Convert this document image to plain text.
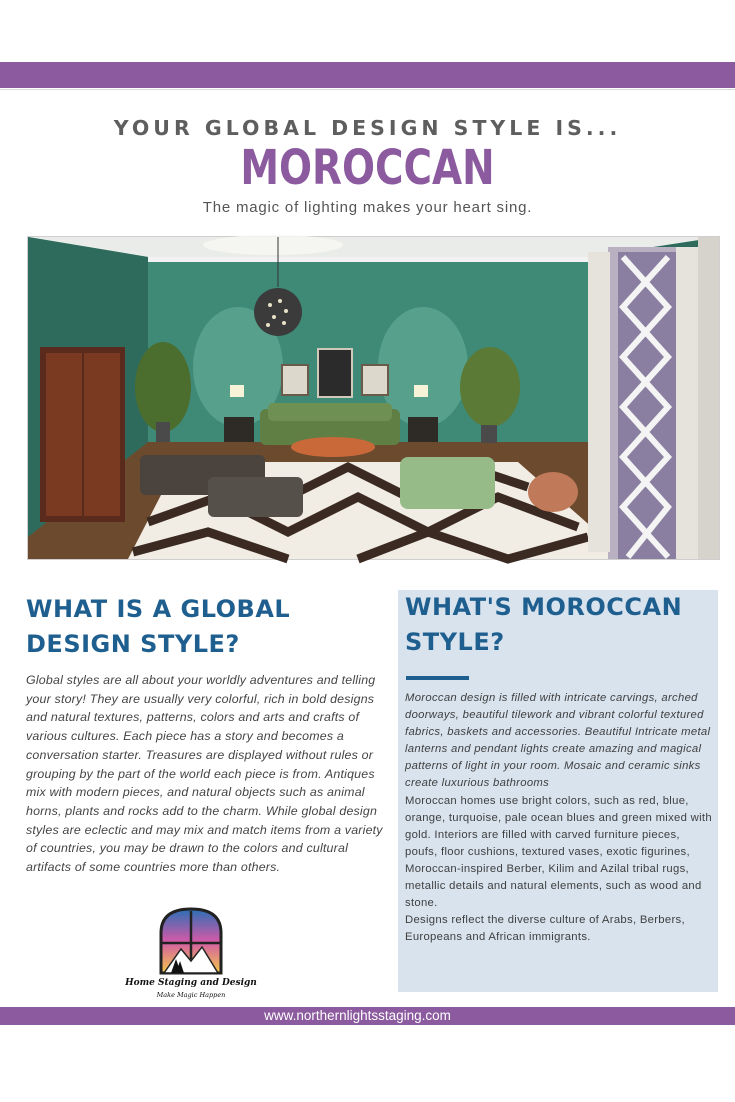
YOUR GLOBAL DESIGN STYLE IS...
MOROCCAN
The magic of lighting makes your heart sing.
WHAT IS A GLOBAL DESIGN STYLE?
Global styles are all about your worldly adventures and telling your story! They are usually very colorful, rich in bold designs and natural textures, patterns, colors and arts and crafts of various cultures. Each piece has a story and becomes a conversation starter. Treasures are displayed without rules or grouping by the part of the world each piece is from. Antiques mix with modern pieces, and natural objects such as animal horns, plants and rocks add to the charm. While global design styles are eclectic and may mix and match items from a variety of countries, you may be drawn to the colors and cultural artifacts of some countries more than others.
Home Staging and Design
Make Magic Happen
WHAT'S MOROCCAN STYLE?

Moroccan design is filled with intricate carvings, arched doorways, beautiful tilework and vibrant colorful textured fabrics, baskets and accessories. Beautiful Intricate metal lanterns and pendant lights create amazing and magical patterns of light in your room. Mosaic and ceramic sinks create luxurious bathrooms

Moroccan homes use bright colors, such as red, blue, orange, turquoise, pale ocean blues and green mixed with gold. Interiors are filled with carved furniture pieces, poufs, floor cushions, textured vases, exotic figurines, Moroccan-inspired Berber, Kilim and Azilal tribal rugs, metallic details and natural elements, such as wood and stone.

Designs reflect the diverse culture of Arabs, Berbers, Europeans and African immigrants.

www.northernlightsstaging.com
